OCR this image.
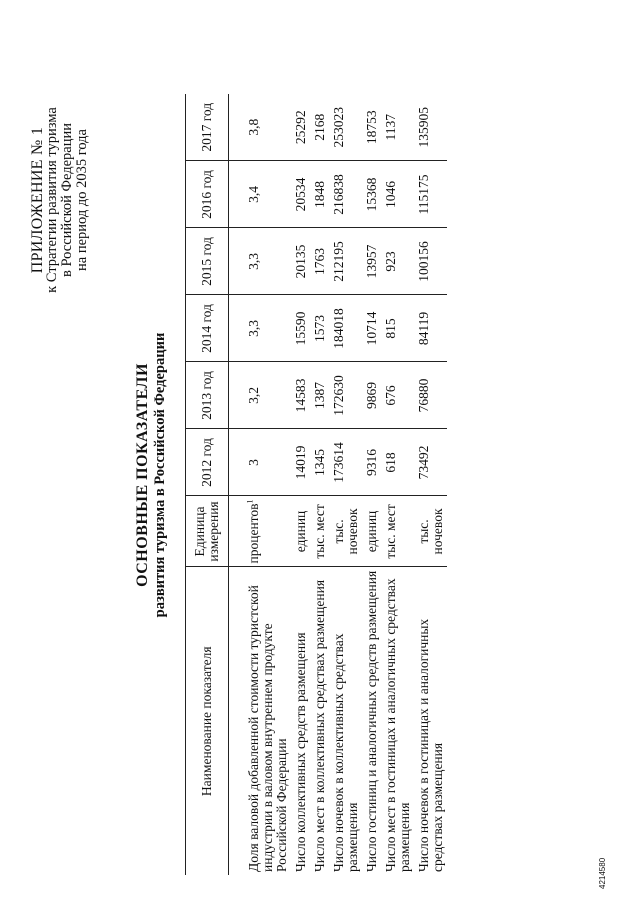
ПРИЛОЖЕНИЕ № 1
к Стратегии развития туризма в Российской Федерации на период до 2035 года
ОСНОВНЫЕ ПОКАЗАТЕЛИ развития туризма в Российской Федерации
Наименование показателя	Единица измерения	2012 год	2013 год	2014 год	2015 год	2016 год	2017 год
Доля валовой добавленной стоимости туристской индустрии в валовом внутреннем продукте Российской Федерации	процентов$^1$	3	3,2	3,3	3,3	3,4	3,8
Число коллективных средств размещения	единиц	14019	14583	15590	20135	20534	25292
Число мест в коллективных средствах размещения	тыс. мест	1345	1387	1573	1763	1848	2168
Число ночевок в коллективных средствах размещения	тыс. ночевок	173614	172630	184018	212195	216838	253023
Число гостиниц и аналогичных средств размещения	единиц	9316	9869	10714	13957	15368	18753
Число мест в гостиницах и аналогичных средствах размещения	тыс. мест	618	676	815	923	1046	1137
Число ночевок в гостиницах и аналогичных средствах размещения	тыс. ночевок	73492	76880	84119	100156	115175	135905
4214580
